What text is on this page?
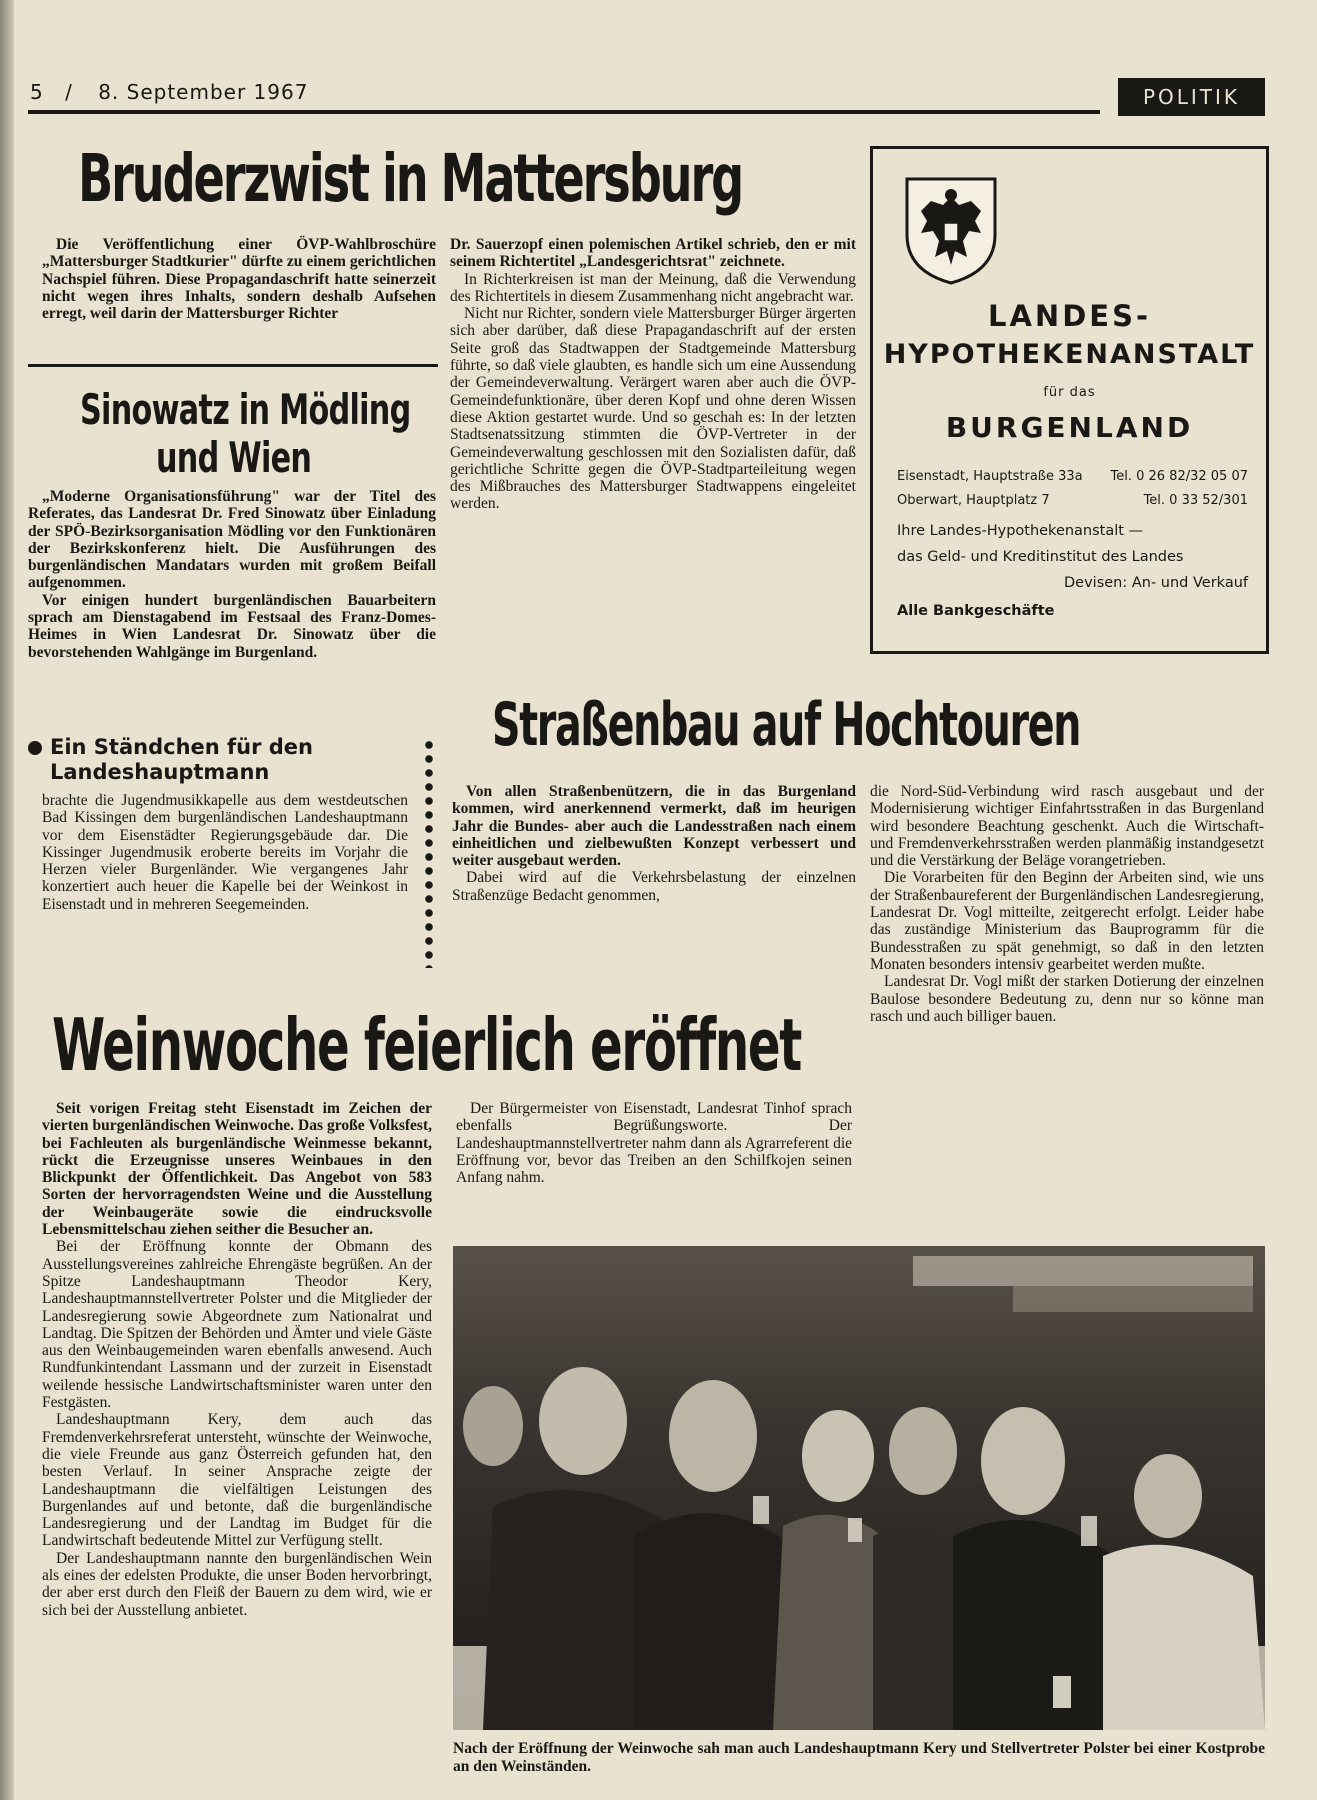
5 / 8. September 1967	POLITIK
Bruderzwist in Mattersburg

Die Veröffentlichung einer ÖVP-Wahlbroschüre „Mattersburger Stadtkurier" dürfte zu einem gerichtlichen Nachspiel führen. Diese Propagandaschrift hatte seinerzeit nicht wegen ihres Inhalts, sondern deshalb Aufsehen erregt, weil darin der Mattersburger Richter

Dr. Sauerzopf einen polemischen Artikel schrieb, den er mit seinem Richtertitel „Landesgerichtsrat" zeichnete.

In Richterkreisen ist man der Meinung, daß die Verwendung des Richtertitels in diesem Zusammenhang nicht angebracht war.

Nicht nur Richter, sondern viele Mattersburger Bürger ärgerten sich aber darüber, daß diese Prapagandaschrift auf der ersten Seite groß das Stadtwappen der Stadtgemeinde Mattersburg führte, so daß viele glaubten, es handle sich um eine Aussendung der Gemeindeverwaltung. Verärgert waren aber auch die ÖVP-Gemeindefunktionäre, über deren Kopf und ohne deren Wissen diese Aktion gestartet wurde. Und so geschah es: In der letzten Stadtsenatssitzung stimmten die ÖVP-Vertreter in der Gemeindeverwaltung geschlossen mit den Sozialisten dafür, daß gerichtliche Schritte gegen die ÖVP-Stadtparteileitung wegen des Mißbrauches des Mattersburger Stadtwappens eingeleitet werden.

Sinowatz in Mödling
und Wien

„Moderne Organisationsführung" war der Titel des Referates, das Landesrat Dr. Fred Sinowatz über Einladung der SPÖ-Bezirksorganisation Mödling vor den Funktionären der Bezirkskonferenz hielt. Die Ausführungen des burgenländischen Mandatars wurden mit großem Beifall aufgenommen.

Vor einigen hundert burgenländischen Bauarbeitern sprach am Dienstagabend im Festsaal des Franz-Domes-Heimes in Wien Landesrat Dr. Sinowatz über die bevorstehenden Wahlgänge im Burgenland.

Ein Ständchen für den
Landeshauptmann

brachte die Jugendmusikkapelle aus dem westdeutschen Bad Kissingen dem burgenländischen Landeshauptmann vor dem Eisenstädter Regierungsgebäude dar. Die Kissinger Jugendmusik eroberte bereits im Vorjahr die Herzen vieler Burgenländer. Wie vergangenes Jahr konzertiert auch heuer die Kapelle bei der Weinkost in Eisenstadt und in mehreren Seegemeinden.

LANDES-
HYPOTHEKENANSTALT
für das
BURGENLAND
Eisenstadt, Hauptstraße 33a Tel. 0 26 82/32 05 07
Oberwart, Hauptplatz 7	Tel. 0 33 52/301
Ihre Landes-Hypothekenanstalt —
das Geld- und Kreditinstitut des Landes
Devisen: An- und Verkauf
Alle Bankgeschäfte
Straßenbau auf Hochtouren

Von allen Straßenbenützern, die in das Burgenland kommen, wird anerkennend vermerkt, daß im heurigen Jahr die Bundes- aber auch die Landesstraßen nach einem einheitlichen und zielbewußten Konzept verbessert und weiter ausgebaut werden.

Dabei wird auf die Verkehrsbelastung der einzelnen Straßenzüge Bedacht genommen,

die Nord-Süd-Verbindung wird rasch ausgebaut und der Modernisierung wichtiger Einfahrtsstraßen in das Burgenland wird besondere Beachtung geschenkt. Auch die Wirtschaft- und Fremdenverkehrsstraßen werden planmäßig instandgesetzt und die Verstärkung der Beläge vorangetrieben.

Die Vorarbeiten für den Beginn der Arbeiten sind, wie uns der Straßenbaureferent der Burgenländischen Landesregierung, Landesrat Dr. Vogl mitteilte, zeitgerecht erfolgt. Leider habe das zuständige Ministerium das Bauprogramm für die Bundesstraßen zu spät genehmigt, so daß in den letzten Monaten besonders intensiv gearbeitet werden mußte.

Landesrat Dr. Vogl mißt der starken Dotierung der einzelnen Baulose besondere Bedeutung zu, denn nur so könne man rasch und auch billiger bauen.

Weinwoche feierlich eröffnet

Seit vorigen Freitag steht Eisenstadt im Zeichen der vierten burgenländischen Weinwoche. Das große Volksfest, bei Fachleuten als burgenländische Weinmesse bekannt, rückt die Erzeugnisse unseres Weinbaues in den Blickpunkt der Öffentlichkeit. Das Angebot von 583 Sorten der hervorragendsten Weine und die Ausstellung der Weinbaugeräte sowie die eindrucksvolle Lebensmittelschau ziehen seither die Besucher an.

Bei der Eröffnung konnte der Obmann des Ausstellungsvereines zahlreiche Ehrengäste begrüßen. An der Spitze Landeshauptmann Theodor Kery, Landeshauptmannstellvertreter Polster und die Mitglieder der Landesregierung sowie Abgeordnete zum Nationalrat und Landtag. Die Spitzen der Behörden und Ämter und viele Gäste aus den Weinbaugemeinden waren ebenfalls anwesend. Auch Rundfunkintendant Lassmann und der zurzeit in Eisenstadt weilende hessische Landwirtschaftsminister waren unter den Festgästen.

Landeshauptmann Kery, dem auch das Fremdenverkehrsreferat untersteht, wünschte der Weinwoche, die viele Freunde aus ganz Österreich gefunden hat, den besten Verlauf. In seiner Ansprache zeigte der Landeshauptmann die vielfältigen Leistungen des Burgenlandes auf und betonte, daß die burgenländische Landesregierung und der Landtag im Budget für die Landwirtschaft bedeutende Mittel zur Verfügung stellt.

Der Landeshauptmann nannte den burgenländischen Wein als eines der edelsten Produkte, die unser Boden hervorbringt, der aber erst durch den Fleiß der Bauern zu dem wird, wie er sich bei der Ausstellung anbietet.

Der Bürgermeister von Eisenstadt, Landesrat Tinhof sprach ebenfalls Begrüßungsworte. Der Landeshauptmannstellvertreter nahm dann als Agrarreferent die Eröffnung vor, bevor das Treiben an den Schilfkojen seinen Anfang nahm.

Nach der Eröffnung der Weinwoche sah man auch Landeshauptmann Kery und Stellvertreter Polster bei einer Kostprobe an den Weinständen.
